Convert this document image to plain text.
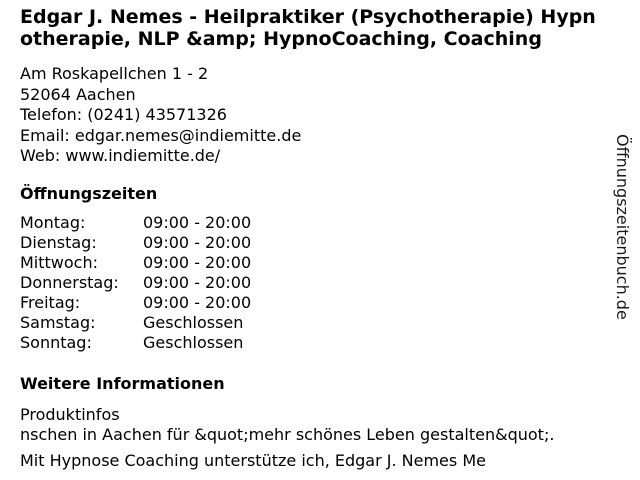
Edgar J. Nemes - Heilpraktiker (Psychotherapie) Hypnotherapie, NLP &amp; HypnoCoaching, Coaching
Am Roskapellchen 1 - 2
52064 Aachen
Telefon: (0241) 43571326
Email: edgar.nemes@indiemitte.de
Web: www.indiemitte.de/
Öffnungszeiten
Montag:	09:00 - 20:00
Dienstag:	09:00 - 20:00
Mittwoch:	09:00 - 20:00
Donnerstag:	09:00 - 20:00
Freitag:	09:00 - 20:00
Samstag:	Geschlossen
Sonntag:	Geschlossen
Weitere Informationen
Produktinfos
nschen in Aachen für &quot;mehr schönes Leben gestalten&quot;.
Mit Hypnose Coaching unterstütze ich, Edgar J. Nemes Me
Öffnungszeitenbuch.de
